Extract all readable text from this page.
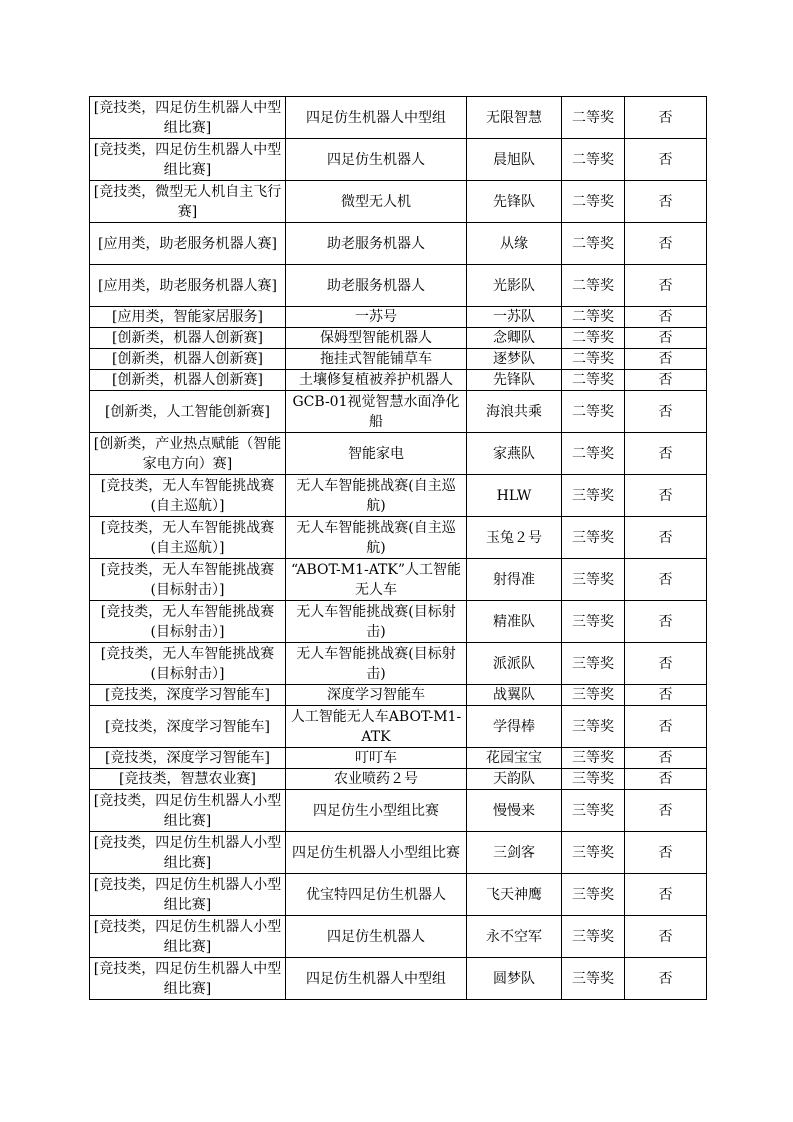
[竞技类，四足仿生机器人中型组比赛]	四足仿生机器人中型组	无限智慧	二等奖	否
[竞技类，四足仿生机器人中型组比赛]	四足仿生机器人	晨旭队	二等奖	否
[竞技类，微型无人机自主飞行赛]	微型无人机	先锋队	二等奖	否
[应用类，助老服务机器人赛]	助老服务机器人	从缘	二等奖	否
[应用类，助老服务机器人赛]	助老服务机器人	光影队	二等奖	否
[应用类，智能家居服务]	一苏号	一苏队	二等奖	否
[创新类，机器人创新赛]	保姆型智能机器人	念卿队	二等奖	否
[创新类，机器人创新赛]	拖挂式智能铺草车	逐梦队	二等奖	否
[创新类，机器人创新赛]	土壤修复植被养护机器人	先锋队	二等奖	否
[创新类，人工智能创新赛]	GCB-01视觉智慧水面净化船	海浪共乘	二等奖	否
[创新类，产业热点赋能（智能家电方向）赛]	智能家电	家燕队	二等奖	否
[竞技类，无人车智能挑战赛(自主巡航）]	无人车智能挑战赛(自主巡航)	HLW	三等奖	否
[竞技类，无人车智能挑战赛(自主巡航）]	无人车智能挑战赛(自主巡航)	玉兔２号	三等奖	否
[竞技类，无人车智能挑战赛(目标射击）]	“ABOT-M1-ATK”人工智能无人车	射得准	三等奖	否
[竞技类，无人车智能挑战赛(目标射击）]	无人车智能挑战赛(目标射击)	精准队	三等奖	否
[竞技类，无人车智能挑战赛(目标射击）]	无人车智能挑战赛(目标射击)	派派队	三等奖	否
[竞技类，深度学习智能车]	深度学习智能车	战翼队	三等奖	否
[竞技类，深度学习智能车]	人工智能无人车ABOT-M1-ATK	学得棒	三等奖	否
[竞技类，深度学习智能车]	叮叮车	花园宝宝	三等奖	否
[竞技类，智慧农业赛]	农业喷药２号	天韵队	三等奖	否
[竞技类，四足仿生机器人小型组比赛]	四足仿生小型组比赛	慢慢来	三等奖	否
[竞技类，四足仿生机器人小型组比赛]	四足仿生机器人小型组比赛	三剑客	三等奖	否
[竞技类，四足仿生机器人小型组比赛]	优宝特四足仿生机器人	飞天神鹰	三等奖	否
[竞技类，四足仿生机器人小型组比赛]	四足仿生机器人	永不空军	三等奖	否
[竞技类，四足仿生机器人中型组比赛]	四足仿生机器人中型组	圆梦队	三等奖	否
